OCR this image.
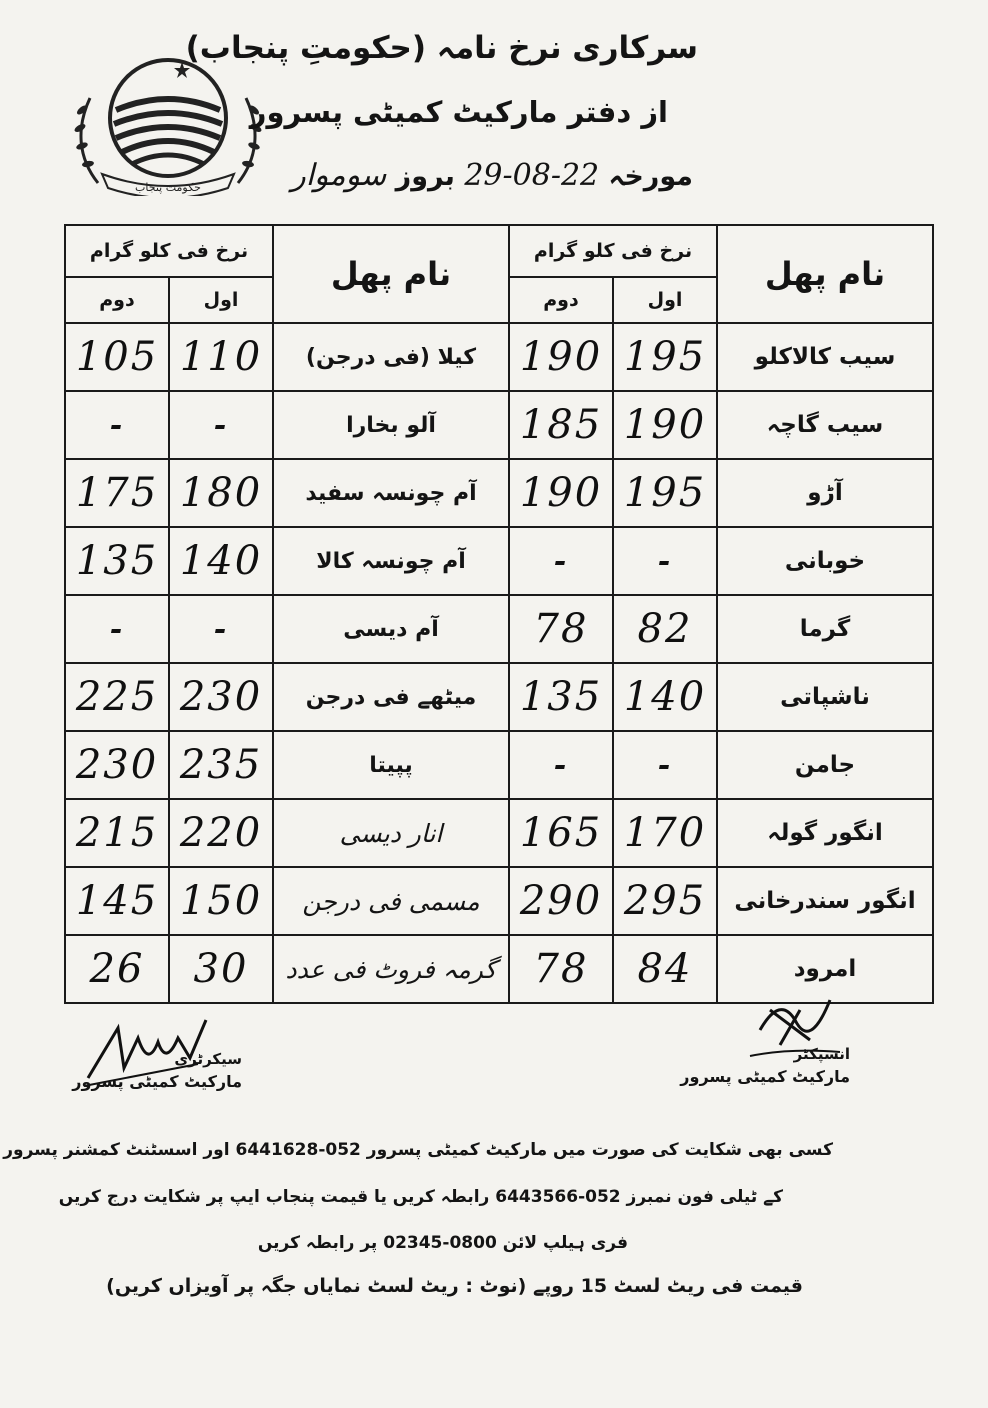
حکومت پنجاب
سرکاری نرخ نامہ (حکومتِ پنجاب)
از دفتر مارکیٹ کمیٹی پسرور
مورخہ 29-08-22 بروز سوموار
نرخ فی کلو گرام		نام پھل	نرخ فی کلو گرام		نام پھل
دوم	اول		دوم	اول	
105	110	کیلا (فی درجن)	190	195	سیب کالاکلو
-	-	آلو بخارا	185	190	سیب گاچہ
175	180	آم چونسہ سفید	190	195	آڑو
135	140	آم چونسہ کالا	-	-	خوبانی
-	-	آم دیسی	78	82	گرما
225	230	میٹھے فی درجن	135	140	ناشپاتی
230	235	پپیتا	-	-	جامن
215	220	انار دیسی	165	170	انگور گولہ
145	150	مسمی فی درجن	290	295	انگور سندرخانی
26	30	گرمہ فروٹ فی عدد	78	84	امرود
سیکرٹری
مارکیٹ کمیٹی پسرور
انسپکٹر
مارکیٹ کمیٹی پسرور
کسی بھی شکایت کی صورت میں مارکیٹ کمیٹی پسرور 052-6441628 اور اسسٹنٹ کمشنر پسرور
کے ٹیلی فون نمبرز 052-6443566 رابطہ کریں یا قیمت پنجاب ایپ پر شکایت درج کریں
فری ہیلپ لائن 0800-02345 پر رابطہ کریں
قیمت فی ریٹ لسٹ 15 روپے (نوٹ : ریٹ لسٹ نمایاں جگہ پر آویزاں کریں)
